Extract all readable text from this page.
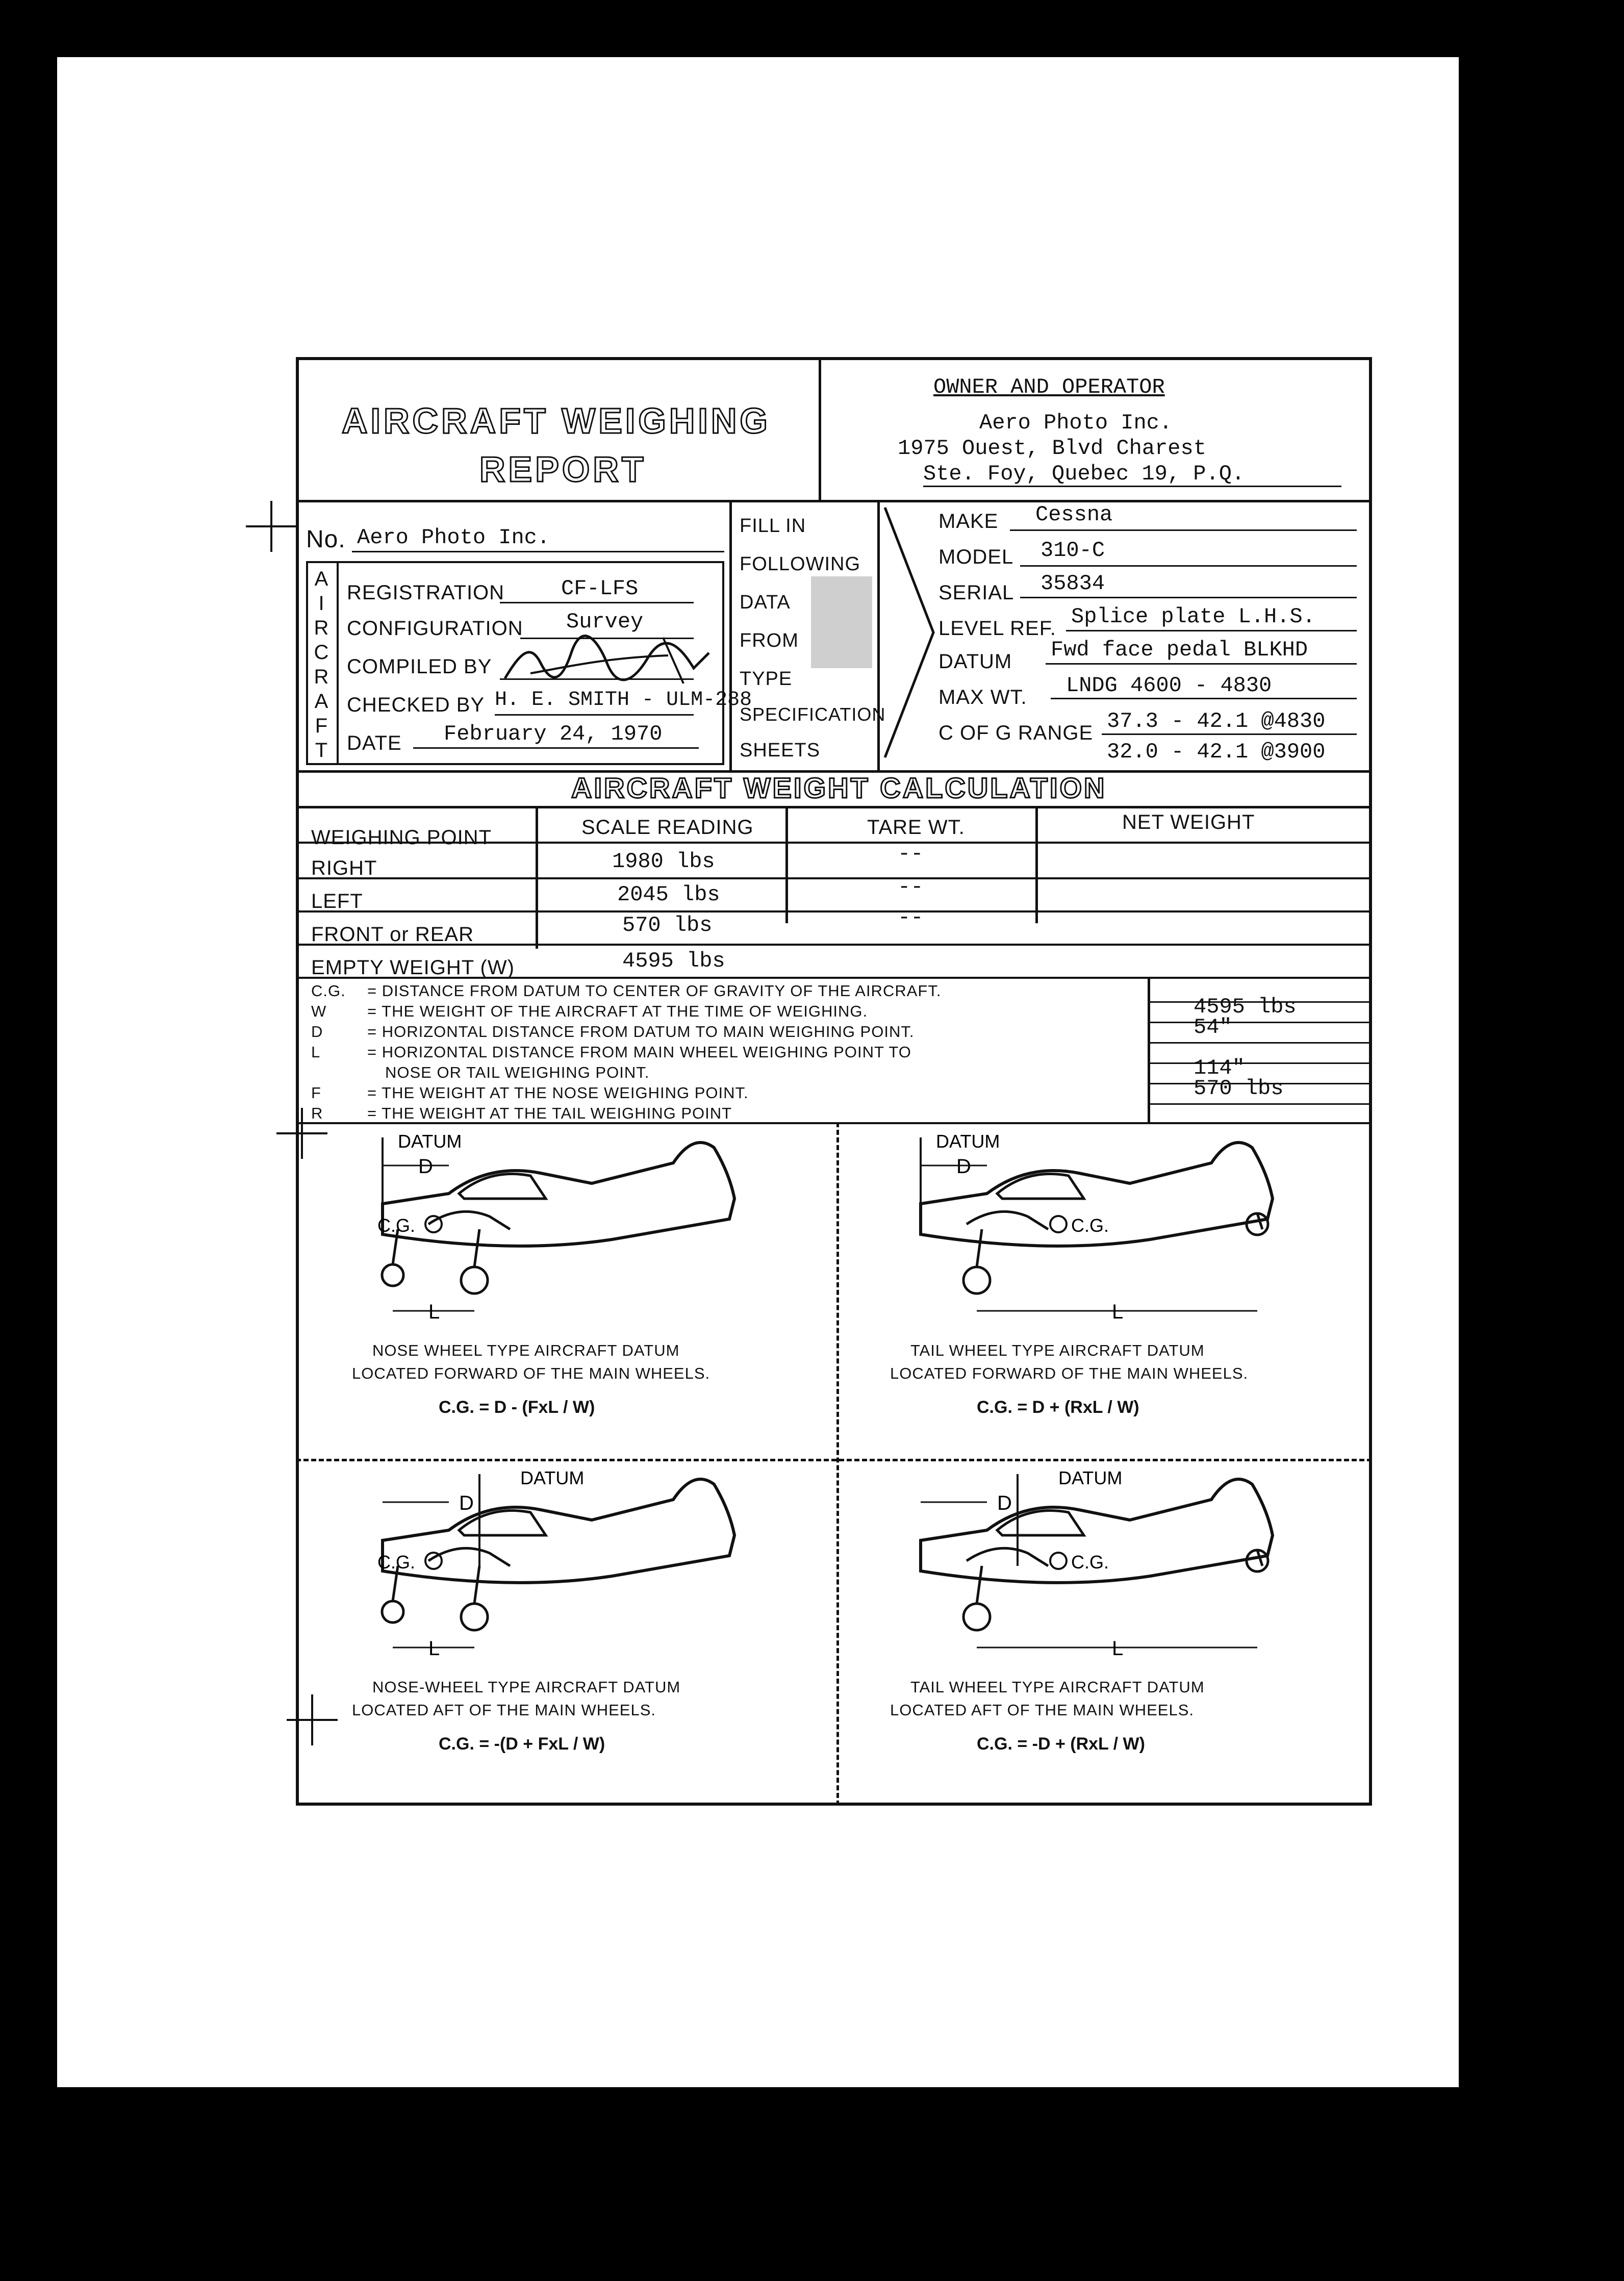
AIRCRAFT WEIGHING
REPORT
OWNER AND OPERATOR
Aero Photo Inc.
1975 Ouest, Blvd Charest
Ste. Foy, Quebec 19, P.Q.
No. Aero Photo Inc.
REGISTRATION	CF-LFS
CONFIGURATION Survey
COMPILED BY
CHECKED BY H. E. SMITH - ULM-288
DATE February 24, 1970
FILL IN
FOLLOWING
DATA
FROM
TYPE
SPECIFICATION
SHEETS
MAKE Cessna
MODEL 310-C
SERIAL 35834
LEVEL REF. Splice plate L.H.S.
DATUM Fwd face pedal BLKHD
MAX WT. LNDG 4600 - 4830
C OF G RANGE 37.3 - 42.1 @4830
32.0 - 42.1 @3900
AIRCRAFT WEIGHT CALCULATION
WEIGHING POINT	SCALE READING	TARE WT.	NET WEIGHT
RIGHT	1980 lbs	--
LEFT	2045 lbs	--
FRONT or REAR	570 lbs	--
EMPTY WEIGHT (W)	4595 lbs
A
I
R
C
R
A
F
T
C.G. = DISTANCE FROM DATUM TO CENTER OF GRAVITY OF THE AIRCRAFT.
W	= THE WEIGHT OF THE AIRCRAFT AT THE TIME OF WEIGHING.	4595 lbs
D	= HORIZONTAL DISTANCE FROM DATUM TO MAIN WEIGHING POINT.	54"
L	= HORIZONTAL DISTANCE FROM MAIN WHEEL WEIGHING POINT TO
NOSE OR TAIL WEIGHING POINT.	114"
F	= THE WEIGHT AT THE NOSE WEIGHING POINT.	570 lbs
R	= THE WEIGHT AT THE TAIL WEIGHING POINT
DATUM
D
L
C.G.
NOSE WHEEL TYPE AIRCRAFT DATUM
LOCATED FORWARD OF THE MAIN WHEELS.
C.G. = D - (FxL / W)
DATUM
D
L
C.G.
TAIL WHEEL TYPE AIRCRAFT DATUM
LOCATED FORWARD OF THE MAIN WHEELS.
C.G. = D + (RxL / W)
DATUM
D
L
C.G.
NOSE-WHEEL TYPE AIRCRAFT DATUM
LOCATED AFT OF THE MAIN WHEELS.
C.G. = -(D + FxL / W)
DATUM
D
L
C.G.
TAIL WHEEL TYPE AIRCRAFT DATUM
LOCATED AFT OF THE MAIN WHEELS.
C.G. = -D + (RxL / W)
